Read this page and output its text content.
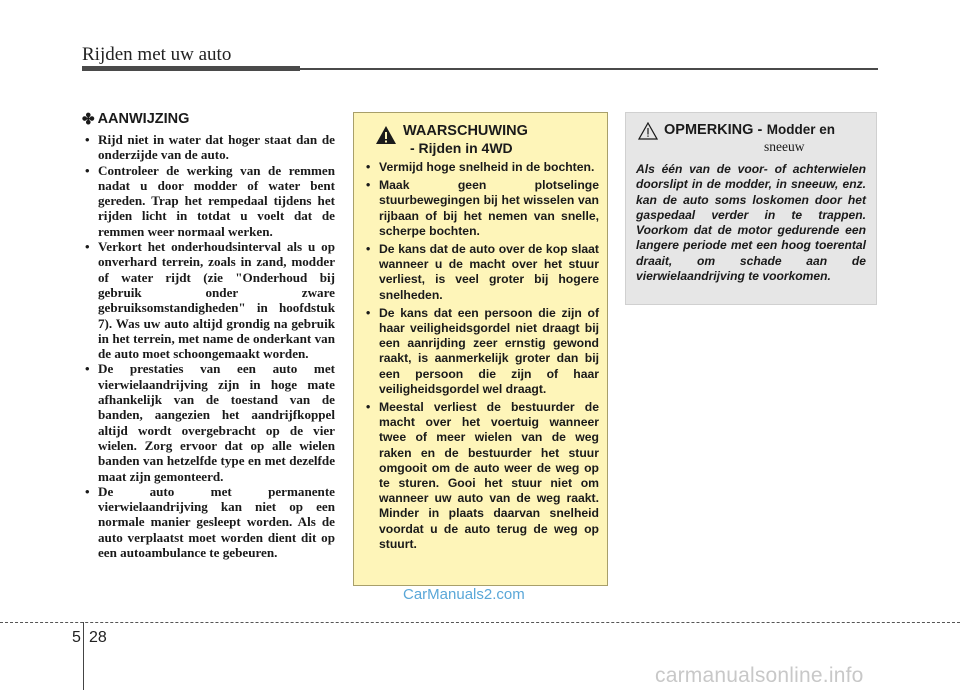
Rijden met uw auto
✤ AANWIJZING
• Rijd niet in water dat hoger staat dan de onderzijde van de auto.
• Controleer de werking van de remmen nadat u door modder of water bent gereden. Trap het rempedaal tijdens het rijden licht in totdat u voelt dat de remmen weer normaal werken.
• Verkort het onderhoudsinterval als u op onverhard terrein, zoals in zand, modder of water rijdt (zie "Onderhoud bij gebruik onder zware gebruiksomstandigheden" in hoofdstuk 7). Was uw auto altijd grondig na gebruik in het terrein, met name de onderkant van de auto moet schoongemaakt worden.
• De prestaties van een auto met vierwielaandrijving zijn in hoge mate afhankelijk van de toestand van de banden, aangezien het aandrijfkoppel altijd wordt overgebracht op de vier wielen. Zorg ervoor dat op alle wielen banden van hetzelfde type en met dezelfde maat zijn gemonteerd.
• De auto met permanente vierwielaandrijving kan niet op een normale manier gesleept worden. Als de auto verplaatst moet worden dient dit op een autoambulance te gebeuren.
WAARSCHUWING
- Rijden in 4WD
• Vermijd hoge snelheid in de bochten.
• Maak geen plotselinge stuurbewegingen bij het wisselen van rijbaan of bij het nemen van snelle, scherpe bochten.
• De kans dat de auto over de kop slaat wanneer u de macht over het stuur verliest, is veel groter bij hogere snelheden.
• De kans dat een persoon die zijn of haar veiligheidsgordel niet draagt bij een aanrijding zeer ernstig gewond raakt, is aanmerkelijk groter dan bij een persoon die zijn of haar veiligheidsgordel wel draagt.
• Meestal verliest de bestuurder de macht over het voertuig wanneer twee of meer wielen van de weg raken en de bestuurder het stuur omgooit om de auto weer de weg op te sturen. Gooi het stuur niet om wanneer uw auto van de weg raakt. Minder in plaats daarvan snelheid voordat u de auto terug de weg op stuurt.
OPMERKING - Modder en
sneeuw

Als één van de voor- of achterwielen doorslipt in de modder, in sneeuw, enz. kan de auto soms loskomen door het gaspedaal verder in te trappen. Voorkom dat de motor gedurende een langere periode met een hoog toerental draait, om schade aan de vierwielaandrijving te voorkomen.

CarManuals2.com
5 28
carmanualsonline.info
